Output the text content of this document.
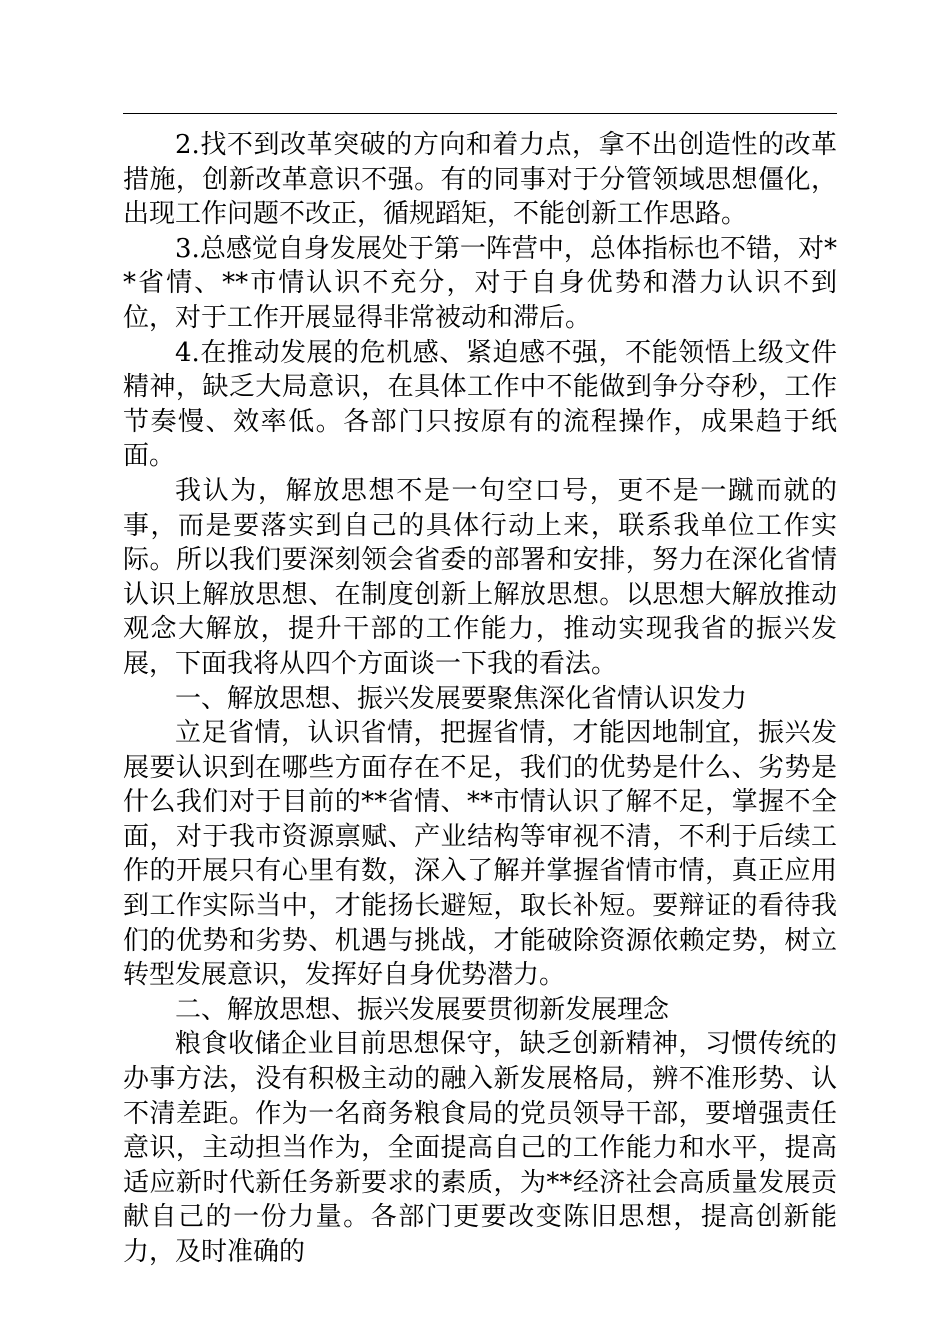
2.找不到改革突破的方向和着力点，拿不出创造性的改革措施，创新改革意识不强。有的同事对于分管领域思想僵化，出现工作问题不改正，循规蹈矩，不能创新工作思路。

3.总感觉自身发展处于第一阵营中，总体指标也不错，对**省情、**市情认识不充分，对于自身优势和潜力认识不到位，对于工作开展显得非常被动和滞后。

4.在推动发展的危机感、紧迫感不强，不能领悟上级文件精神，缺乏大局意识，在具体工作中不能做到争分夺秒，工作节奏慢、效率低。各部门只按原有的流程操作，成果趋于纸面。

我认为，解放思想不是一句空口号，更不是一蹴而就的事，而是要落实到自己的具体行动上来，联系我单位工作实际。所以我们要深刻领会省委的部署和安排，努力在深化省情认识上解放思想、在制度创新上解放思想。以思想大解放推动观念大解放，提升干部的工作能力，推动实现我省的振兴发展，下面我将从四个方面谈一下我的看法。

一、解放思想、振兴发展要聚焦深化省情认识发力

立足省情，认识省情，把握省情，才能因地制宜，振兴发展要认识到在哪些方面存在不足，我们的优势是什么、劣势是什么我们对于目前的**省情、**市情认识了解不足，掌握不全面，对于我市资源禀赋、产业结构等审视不清，不利于后续工作的开展只有心里有数，深入了解并掌握省情市情，真正应用到工作实际当中，才能扬长避短，取长补短。要辩证的看待我们的优势和劣势、机遇与挑战，才能破除资源依赖定势，树立转型发展意识，发挥好自身优势潜力。

二、解放思想、振兴发展要贯彻新发展理念

粮食收储企业目前思想保守，缺乏创新精神，习惯传统的办事方法，没有积极主动的融入新发展格局，辨不准形势、认不清差距。作为一名商务粮食局的党员领导干部，要增强责任意识，主动担当作为，全面提高自己的工作能力和水平，提高适应新时代新任务新要求的素质，为**经济社会高质量发展贡献自己的一份力量。各部门更要改变陈旧思想，提高创新能力，及时准确的
